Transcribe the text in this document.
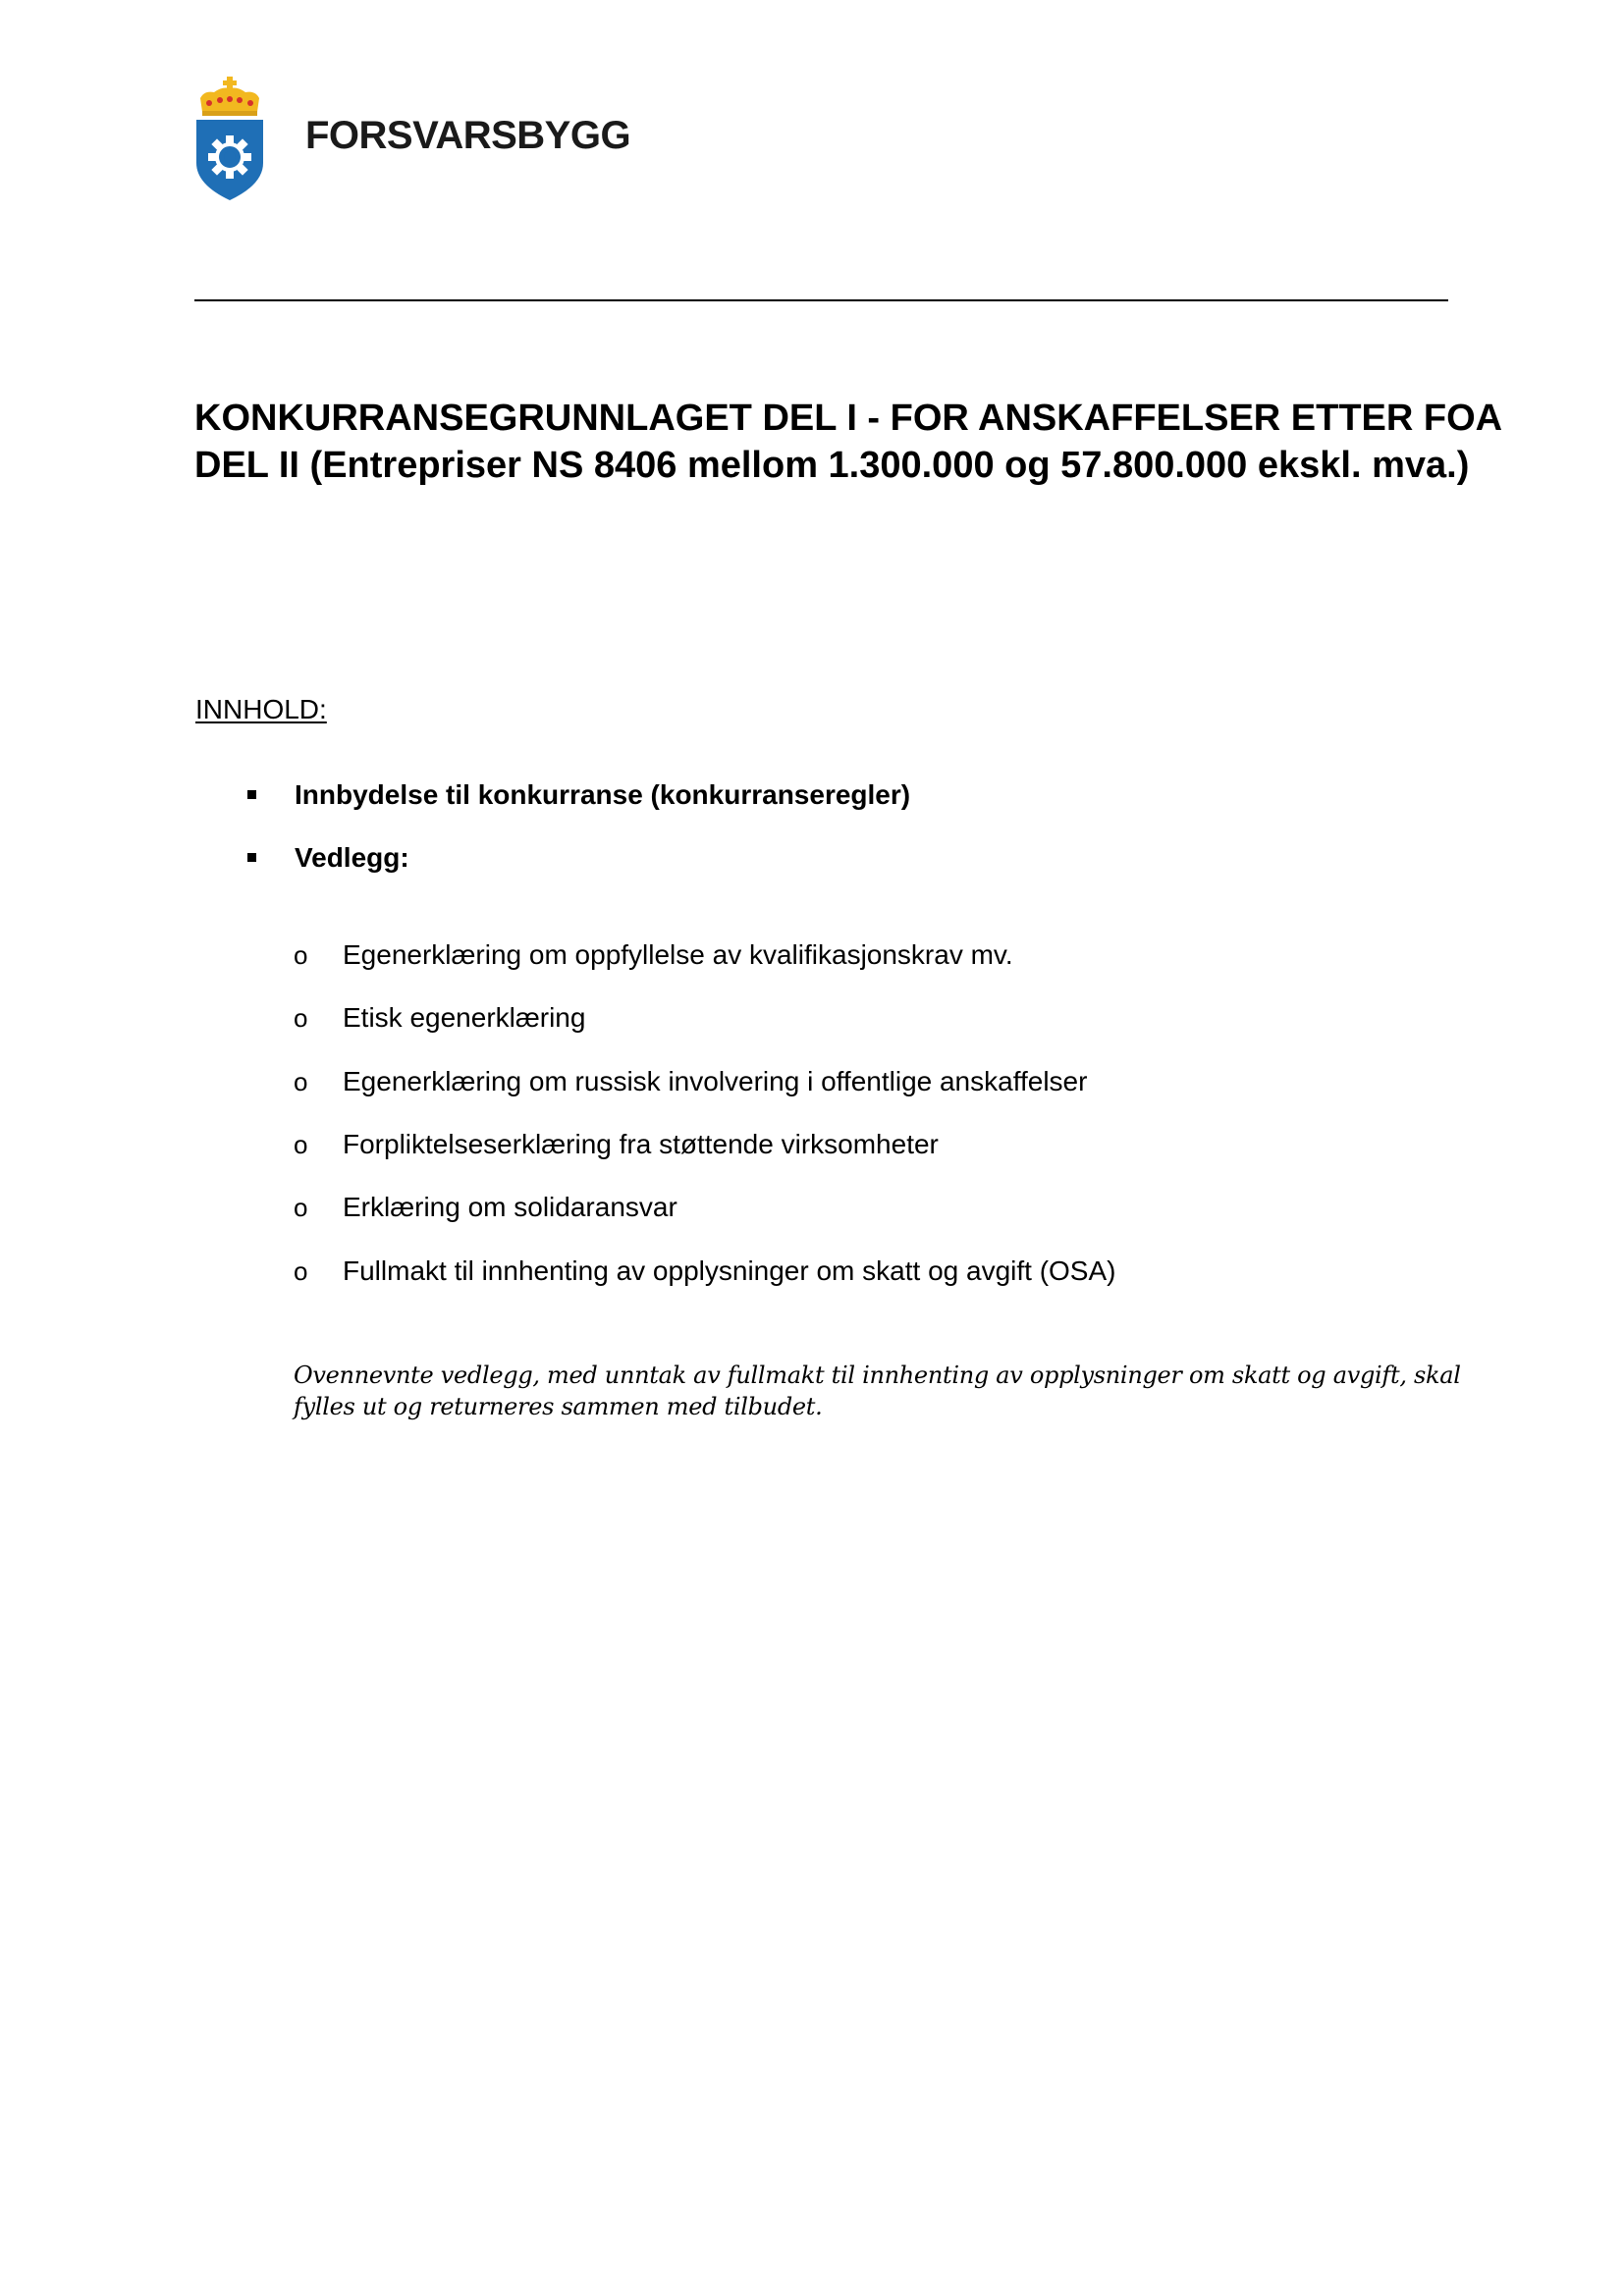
FORSVARSBYGG
KONKURRANSEGRUNNLAGET DEL I - FOR ANSKAFFELSER ETTER FOA DEL II (Entrepriser NS 8406 mellom 1.300.000 og 57.800.000 ekskl. mva.)
INNHOLD:
Innbydelse til konkurranse (konkurranseregler)
Vedlegg:
o Egenerklæring om oppfyllelse av kvalifikasjonskrav mv.
o Etisk egenerklæring
o Egenerklæring om russisk involvering i offentlige anskaffelser
o Forpliktelseserklæring fra støttende virksomheter
o Erklæring om solidaransvar
o Fullmakt til innhenting av opplysninger om skatt og avgift (OSA)

Ovennevnte vedlegg, med unntak av fullmakt til innhenting av opplysninger om skatt og avgift, skal fylles ut og returneres sammen med tilbudet.
